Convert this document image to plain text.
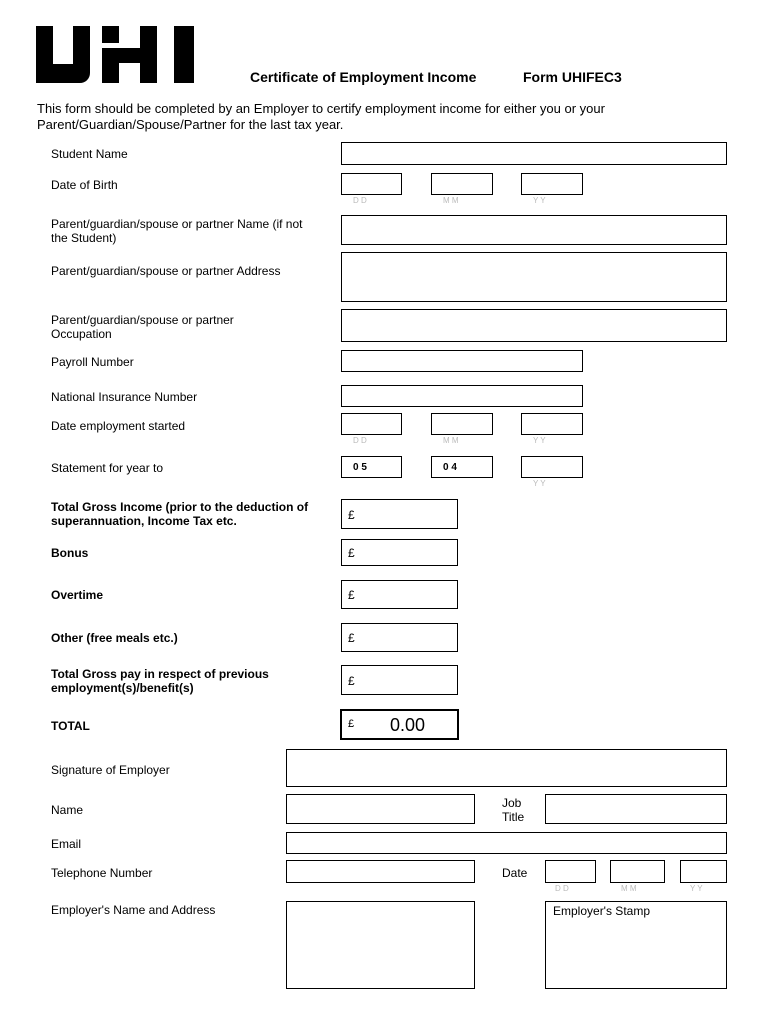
Certificate of Employment Income	Form UHIFEC3
This form should be completed by an Employer to certify employment income for either you or your
Parent/Guardian/Spouse/Partner for the last tax year.
Student Name
Date of Birth
D D	M M	Y Y
Parent/guardian/spouse or partner Name (if not
the Student)
Parent/guardian/spouse or partner Address
Parent/guardian/spouse or partner
Occupation
Payroll Number
National Insurance Number
Date employment started
D D	M M	Y Y
Statement for year to	0 5	0 4
Y Y
Total Gross Income (prior to the deduction of
superannuation, Income Tax etc.	£
Bonus	£
Overtime	£
Other (free meals etc.)	£
Total Gross pay in respect of previous
employment(s)/benefit(s)	£
TOTAL	£ 0.00
Signature of Employer
Name	Job
Title
Email
Telephone Number	Date
D D	M M	Y Y
Employer's Name and Address	Employer's Stamp
